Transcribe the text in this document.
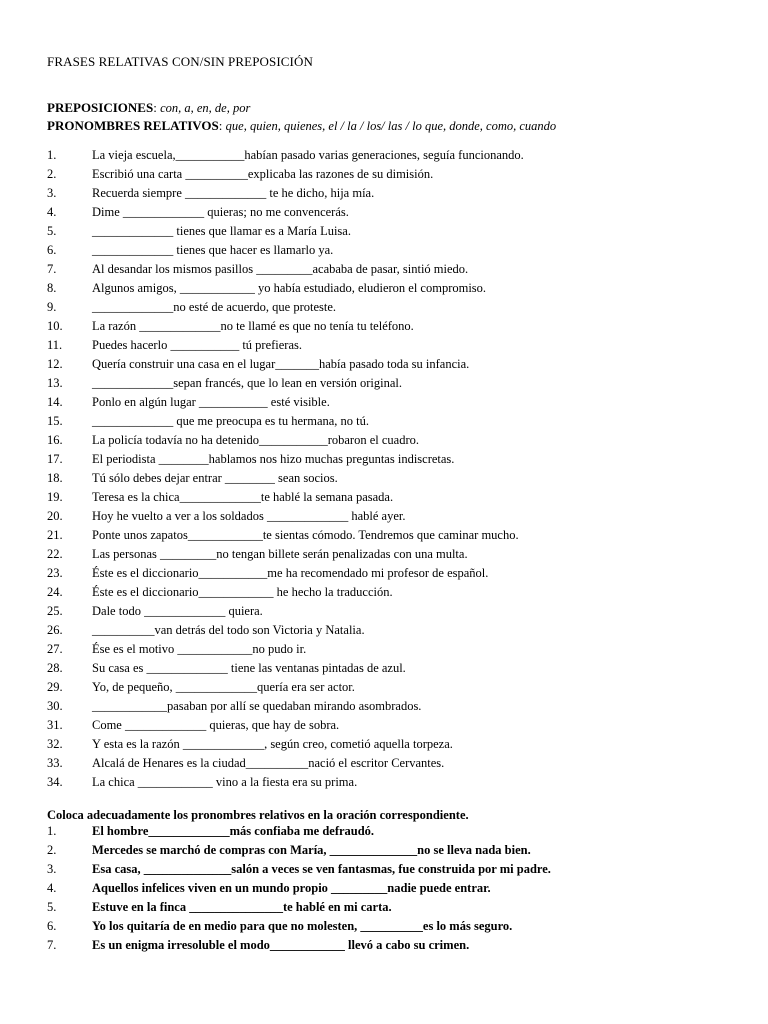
FRASES RELATIVAS CON/SIN PREPOSICIÓN
PREPOSICIONES: con, a, en, de, por
PRONOMBRES RELATIVOS: que, quien, quienes, el / la / los/ las / lo que, donde, como, cuando
1.	La vieja escuela,___________habían pasado varias generaciones, seguía funcionando.
2.	Escribió una carta __________explicaba las razones de su dimisión.
3.	Recuerda siempre _____________ te he dicho, hija mía.
4.	Dime _____________ quieras; no me convencerás.
5.	_____________ tienes que llamar es a María Luisa.
6.	_____________ tienes que hacer es llamarlo ya.
7.	Al desandar los mismos pasillos _________acababa de pasar, sintió miedo.
8.	Algunos amigos, ____________ yo había estudiado, eludieron el compromiso.
9.	_____________no esté de acuerdo, que proteste.
10.	La razón _____________no te llamé es que no tenía tu teléfono.
11.	Puedes hacerlo ___________ tú prefieras.
12.	Quería construir una casa en el lugar_______había pasado toda su infancia.
13.	_____________sepan francés, que lo lean en versión original.
14.	Ponlo en algún lugar ___________ esté visible.
15.	_____________ que me preocupa es tu hermana, no tú.
16.	La policía todavía no ha detenido___________robaron el cuadro.
17.	El periodista ________hablamos nos hizo muchas preguntas indiscretas.
18.	Tú sólo debes dejar entrar ________ sean socios.
19.	Teresa es la chica_____________te hablé la semana pasada.
20.	Hoy he vuelto a ver a los soldados _____________ hablé ayer.
21.	Ponte unos zapatos____________te sientas cómodo. Tendremos que caminar mucho.
22.	Las personas _________no tengan billete serán penalizadas con una multa.
23.	Éste es el diccionario___________me ha recomendado mi profesor de español.
24.	Éste es el diccionario____________ he hecho la traducción.
25.	Dale todo _____________ quiera.
26.	__________van detrás del todo son Victoria y Natalia.
27.	Ése es el motivo ____________no pudo ir.
28.	Su casa es _____________ tiene las ventanas pintadas de azul.
29.	Yo, de pequeño, _____________quería era ser actor.
30.	____________pasaban por allí se quedaban mirando asombrados.
31.	Come _____________ quieras, que hay de sobra.
32.	Y esta es la razón _____________, según creo, cometió aquella torpeza.
33.	Alcalá de Henares es la ciudad__________nació el escritor Cervantes.
34.	La chica ____________ vino a la fiesta era su prima.
Coloca adecuadamente los pronombres relativos en la oración correspondiente.
1.	El hombre_____________más confiaba me defraudó.
2.	Mercedes se marchó de compras con María, ______________no se lleva nada bien.
3.	Esa casa, ______________salón a veces se ven fantasmas, fue construida por mi padre.
4.	Aquellos infelices viven en un mundo propio _________nadie puede entrar.
5.	Estuve en la finca _______________te hablé en mi carta.
6.	Yo los quitaría de en medio para que no molesten, __________es lo más seguro.
7.	Es un enigma irresoluble el modo____________ llevó a cabo su crimen.
